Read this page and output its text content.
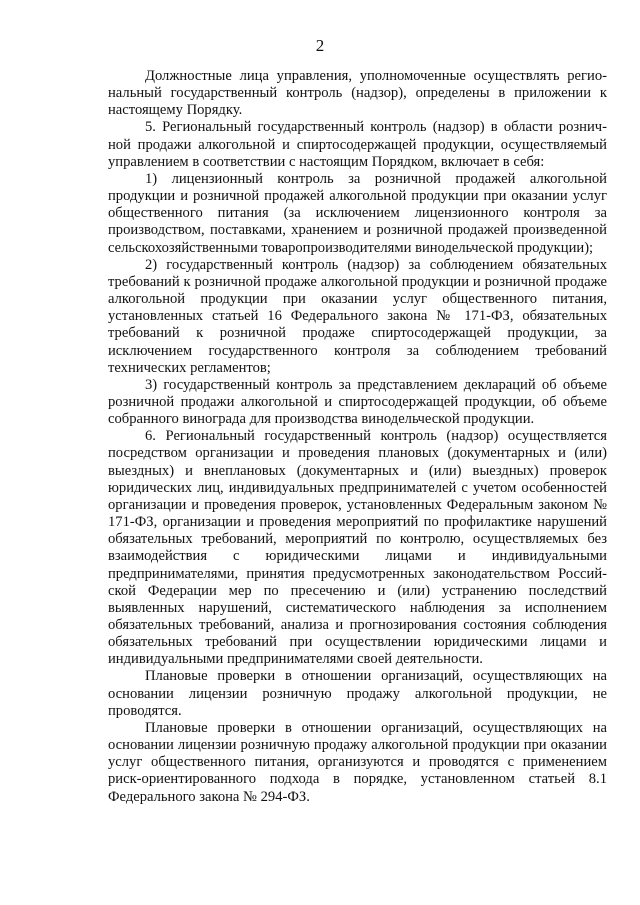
2

Должностные лица управления, уполномоченные осуществлять региональный государственный контроль (надзор), определены в приложении к настоящему Порядку.

5. Региональный государственный контроль (надзор) в области розничной продажи алкогольной и спиртосодержащей продукции, осуществляемый управлением в соответствии с настоящим Порядком, включает в себя:

1) лицензионный контроль за розничной продажей алкогольной продукции и розничной продажей алкогольной продукции при оказании услуг общественного питания (за исключением лицензионного контроля за производством, поставками, хранением и розничной продажей произведенной сельскохозяйственными товаропроизводителями винодельческой продукции);

2) государственный контроль (надзор) за соблюдением обязательных требований к розничной продаже алкогольной продукции и розничной продаже алкогольной продукции при оказании услуг общественного питания, установленных статьей 16 Федерального закона № 171-ФЗ, обязательных требований к розничной продаже спиртосодержащей продукции, за исключением государственного контроля за соблюдением требований технических регламентов;

3) государственный контроль за представлением деклараций об объеме розничной продажи алкогольной и спиртосодержащей продукции, об объеме собранного винограда для производства винодельческой продукции.

6. Региональный государственный контроль (надзор) осуществляется посредством организации и проведения плановых (документарных и (или) выездных) и внеплановых (документарных и (или) выездных) проверок юридических лиц, индивидуальных предпринимателей с учетом особенностей организации и проведения проверок, установленных Федеральным законом № 171-ФЗ, организации и проведения мероприятий по профилактике нарушений обязательных требований, мероприятий по контролю, осуществляемых без взаимодействия с юридическими лицами и индивидуальными предпринимателями, принятия предусмотренных законодательством Российской Федерации мер по пресечению и (или) устранению последствий выявленных нарушений, систематического наблюдения за исполнением обязательных требований, анализа и прогнозирования состояния соблюдения обязательных требований при осуществлении юридическими лицами и индивидуальными предпринимателями своей деятельности.

Плановые проверки в отношении организаций, осуществляющих на основании лицензии розничную продажу алкогольной продукции, не проводятся.

Плановые проверки в отношении организаций, осуществляющих на основании лицензии розничную продажу алкогольной продукции при оказании услуг общественного питания, организуются и проводятся с применением риск-ориентированного подхода в порядке, установленном статьей 8.1 Федерального закона № 294-ФЗ.
